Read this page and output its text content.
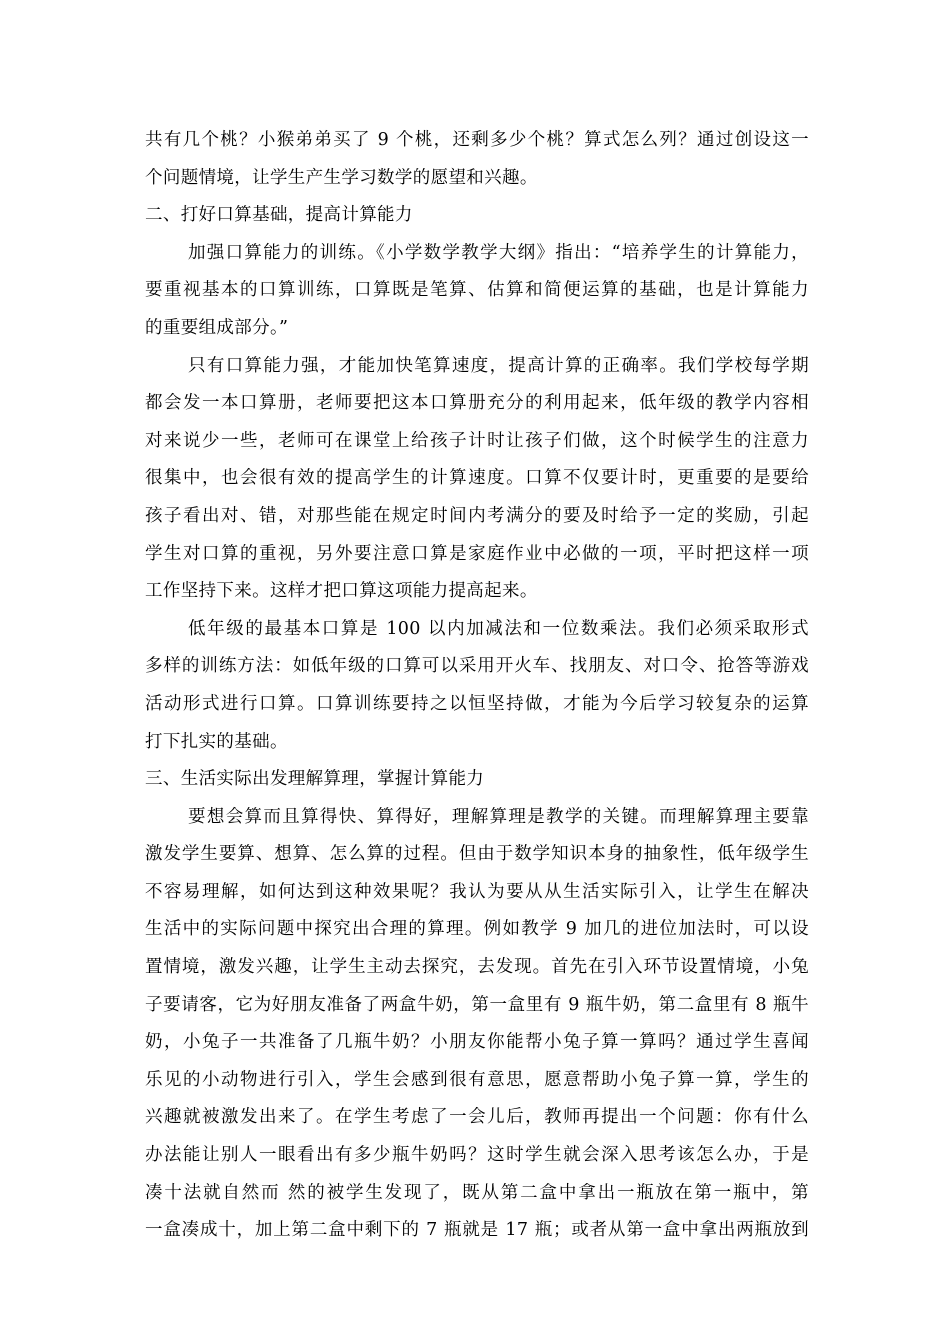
共有几个桃？小猴弟弟买了 9 个桃，还剩多少个桃？算式怎么列？通过创设这一
个问题情境，让学生产生学习数学的愿望和兴趣。
二、打好口算基础，提高计算能力
加强口算能力的训练。《小学数学教学大纲》指出：“培养学生的计算能力，
要重视基本的口算训练，口算既是笔算、估算和简便运算的基础，也是计算能力
的重要组成部分。”
只有口算能力强，才能加快笔算速度，提高计算的正确率。我们学校每学期
都会发一本口算册，老师要把这本口算册充分的利用起来，低年级的教学内容相
对来说少一些，老师可在课堂上给孩子计时让孩子们做，这个时候学生的注意力
很集中，也会很有效的提高学生的计算速度。口算不仅要计时，更重要的是要给
孩子看出对、错，对那些能在规定时间内考满分的要及时给予一定的奖励，引起
学生对口算的重视，另外要注意口算是家庭作业中必做的一项，平时把这样一项
工作坚持下来。这样才把口算这项能力提高起来。
低年级的最基本口算是 100 以内加减法和一位数乘法。我们必须采取形式
多样的训练方法：如低年级的口算可以采用开火车、找朋友、对口令、抢答等游戏
活动形式进行口算。口算训练要持之以恒坚持做，才能为今后学习较复杂的运算
打下扎实的基础。
三、生活实际出发理解算理，掌握计算能力
要想会算而且算得快、算得好，理解算理是教学的关键。而理解算理主要靠
激发学生要算、想算、怎么算的过程。但由于数学知识本身的抽象性，低年级学生
不容易理解，如何达到这种效果呢？我认为要从从生活实际引入，让学生在解决
生活中的实际问题中探究出合理的算理。例如教学 9 加几的进位加法时，可以设
置情境，激发兴趣，让学生主动去探究，去发现。首先在引入环节设置情境，小兔
子要请客，它为好朋友准备了两盒牛奶，第一盒里有 9 瓶牛奶，第二盒里有 8 瓶牛
奶，小兔子一共准备了几瓶牛奶？小朋友你能帮小兔子算一算吗？通过学生喜闻
乐见的小动物进行引入，学生会感到很有意思，愿意帮助小兔子算一算，学生的
兴趣就被激发出来了。在学生考虑了一会儿后，教师再提出一个问题：你有什么
办法能让别人一眼看出有多少瓶牛奶吗？这时学生就会深入思考该怎么办，于是
凑十法就自然而 然的被学生发现了，既从第二盒中拿出一瓶放在第一瓶中，第
一盒凑成十，加上第二盒中剩下的 7 瓶就是 17 瓶；或者从第一盒中拿出两瓶放到
